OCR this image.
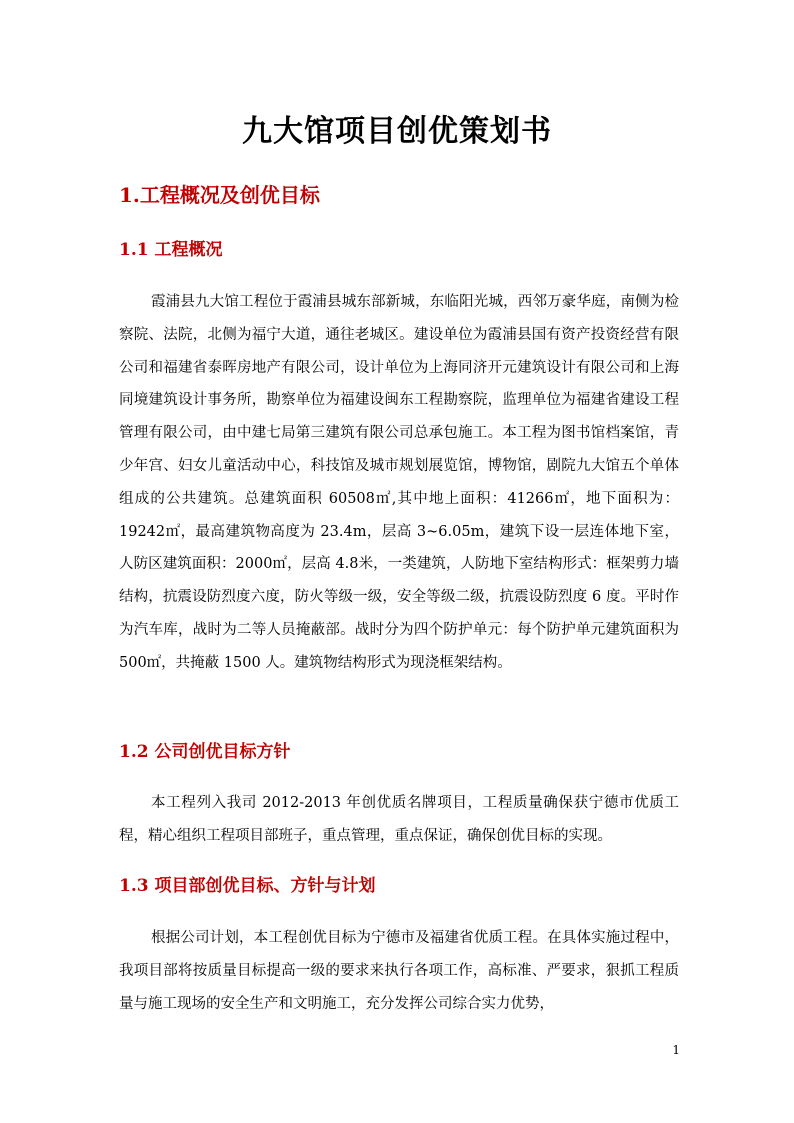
九大馆项目创优策划书
1.工程概况及创优目标
1.1 工程概况
霞浦县九大馆工程位于霞浦县城东部新城，东临阳光城，西邻万豪华庭，南侧为检察院、法院，北侧为福宁大道，通往老城区。建设单位为霞浦县国有资产投资经营有限公司和福建省泰晖房地产有限公司，设计单位为上海同济开元建筑设计有限公司和上海同境建筑设计事务所，勘察单位为福建设闽东工程勘察院，监理单位为福建省建设工程管理有限公司，由中建七局第三建筑有限公司总承包施工。本工程为图书馆档案馆，青少年宫、妇女儿童活动中心，科技馆及城市规划展览馆，博物馆，剧院九大馆五个单体组成的公共建筑。总建筑面积 60508㎡,其中地上面积：41266㎡，地下面积为：19242㎡，最高建筑物高度为 23.4m，层高 3~6.05m，建筑下设一层连体地下室，人防区建筑面积：2000㎡，层高 4.8米，一类建筑，人防地下室结构形式：框架剪力墙结构，抗震设防烈度六度，防火等级一级，安全等级二级，抗震设防烈度 6 度。平时作为汽车库，战时为二等人员掩蔽部。战时分为四个防护单元：每个防护单元建筑面积为 500㎡，共掩蔽 1500 人。建筑物结构形式为现浇框架结构。
1.2 公司创优目标方针
本工程列入我司 2012-2013 年创优质名牌项目，工程质量确保获宁德市优质工程，精心组织工程项目部班子，重点管理，重点保证，确保创优目标的实现。
1.3 项目部创优目标、方针与计划
根据公司计划，本工程创优目标为宁德市及福建省优质工程。在具体实施过程中，我项目部将按质量目标提高一级的要求来执行各项工作，高标准、严要求，狠抓工程质量与施工现场的安全生产和文明施工，充分发挥公司综合实力优势，
1
